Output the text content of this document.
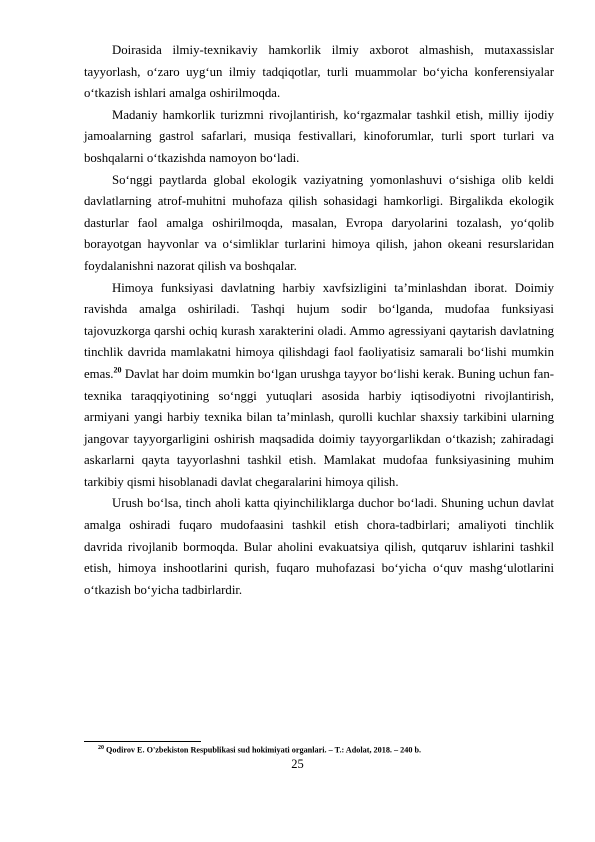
Doirasida ilmiy-texnikaviy hamkorlik ilmiy axborot almashish, mutaxassislar tayyorlash, o‘zaro uyg‘un ilmiy tadqiqotlar, turli muammolar bo‘yicha konferensiyalar o‘tkazish ishlari amalga oshirilmoqda.

Madaniy hamkorlik turizmni rivojlantirish, ko‘rgazmalar tashkil etish, milliy ijodiy jamoalarning gastrol safarlari, musiqa festivallari, kinoforumlar, turli sport turlari va boshqalarni o‘tkazishda namoyon bo‘ladi.

So‘nggi paytlarda global ekologik vaziyatning yomonlashuvi o‘sishiga olib keldi davlatlarning atrof-muhitni muhofaza qilish sohasidagi hamkorligi. Birgalikda ekologik dasturlar faol amalga oshirilmoqda, masalan, Evropa daryolarini tozalash, yo‘qolib borayotgan hayvonlar va o‘simliklar turlarini himoya qilish, jahon okeani resurslaridan foydalanishni nazorat qilish va boshqalar.

Himoya funksiyasi davlatning harbiy xavfsizligini ta’minlashdan iborat. Doimiy ravishda amalga oshiriladi. Tashqi hujum sodir bo‘lganda, mudofaa funksiyasi tajovuzkorga qarshi ochiq kurash xarakterini oladi. Ammo agressiyani qaytarish davlatning tinchlik davrida mamlakatni himoya qilishdagi faol faoliyatisiz samarali bo‘lishi mumkin emas.$^{20}$ Davlat har doim mumkin bo‘lgan urushga tayyor bo‘lishi kerak. Buning uchun fan-texnika taraqqiyotining so‘nggi yutuqlari asosida harbiy iqtisodiyotni rivojlantirish, armiyani yangi harbiy texnika bilan ta’minlash, qurolli kuchlar shaxsiy tarkibini ularning jangovar tayyorgarligini oshirish maqsadida doimiy tayyorgarlikdan o‘tkazish; zahiradagi askarlarni qayta tayyorlashni tashkil etish. Mamlakat mudofaa funksiyasining muhim tarkibiy qismi hisoblanadi davlat chegaralarini himoya qilish.

Urush bo‘lsa, tinch aholi katta qiyinchiliklarga duchor bo‘ladi. Shuning uchun davlat amalga oshiradi fuqaro mudofaasini tashkil etish chora-tadbirlari; amaliyoti tinchlik davrida rivojlanib bormoqda. Bular aholini evakuatsiya qilish, qutqaruv ishlarini tashkil etish, himoya inshootlarini qurish, fuqaro muhofazasi bo‘yicha o‘quv mashg‘ulotlarini o‘tkazish bo‘yicha tadbirlardir.

$^{20}$ Qodirov E. O'zbekiston Respublikasi sud hokimiyati organlari. – T.: Adolat, 2018. – 240 b.
25
